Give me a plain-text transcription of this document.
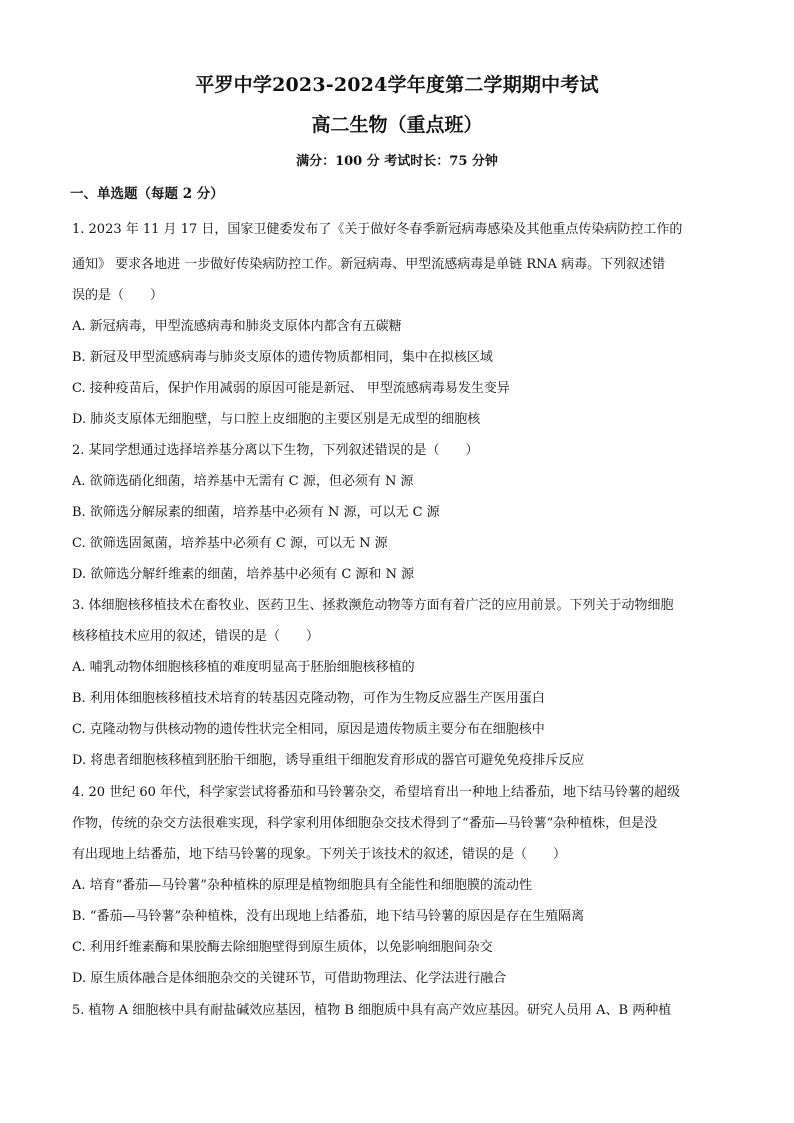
平罗中学2023-2024学年度第二学期期中考试
高二生物（重点班）
满分：100 分 考试时长：75 分钟
一、单选题（每题 2 分）
1. 2023 年 11 月 17 日，国家卫健委发布了《关于做好冬春季新冠病毒感染及其他重点传染病防控工作的
通知》 要求各地进 一步做好传染病防控工作。新冠病毒、甲型流感病毒是单链 RNA 病毒。下列叙述错
误的是（　　）
A. 新冠病毒，甲型流感病毒和肺炎支原体内都含有五碳糖
B. 新冠及甲型流感病毒与肺炎支原体的遗传物质都相同，集中在拟核区域
C. 接种疫苗后，保护作用减弱的原因可能是新冠、 甲型流感病毒易发生变异
D. 肺炎支原体无细胞壁，与口腔上皮细胞的主要区别是无成型的细胞核
2. 某同学想通过选择培养基分离以下生物，下列叙述错误的是（　　）
A. 欲筛选硝化细菌，培养基中无需有 C 源，但必须有 N 源
B. 欲筛选分解尿素的细菌，培养基中必须有 N 源，可以无 C 源
C. 欲筛选固氮菌，培养基中必须有 C 源，可以无 N 源
D. 欲筛选分解纤维素的细菌，培养基中必须有 C 源和 N 源
3. 体细胞核移植技术在畜牧业、医药卫生、拯救濒危动物等方面有着广泛的应用前景。下列关于动物细胞
核移植技术应用的叙述，错误的是（　　）
A. 哺乳动物体细胞核移植的难度明显高于胚胎细胞核移植的
B. 利用体细胞核移植技术培育的转基因克隆动物，可作为生物反应器生产医用蛋白
C. 克隆动物与供核动物的遗传性状完全相同，原因是遗传物质主要分布在细胞核中
D. 将患者细胞核移植到胚胎干细胞，诱导重组干细胞发育形成的器官可避免免疫排斥反应
4. 20 世纪 60 年代，科学家尝试将番茄和马铃薯杂交，希望培育出一种地上结番茄，地下结马铃薯的超级
作物，传统的杂交方法很难实现，科学家利用体细胞杂交技术得到了“番茄—马铃薯”杂种植株，但是没
有出现地上结番茄，地下结马铃薯的现象。下列关于该技术的叙述，错误的是（　　）
A. 培育“番茄—马铃薯”杂种植株的原理是植物细胞具有全能性和细胞膜的流动性
B. “番茄—马铃薯”杂种植株，没有出现地上结番茄，地下结马铃薯的原因是存在生殖隔离
C. 利用纤维素酶和果胶酶去除细胞壁得到原生质体，以免影响细胞间杂交
D. 原生质体融合是体细胞杂交的关键环节，可借助物理法、化学法进行融合
5. 植物 A 细胞核中具有耐盐碱效应基因，植物 B 细胞质中具有高产效应基因。研究人员用 A、B 两种植
